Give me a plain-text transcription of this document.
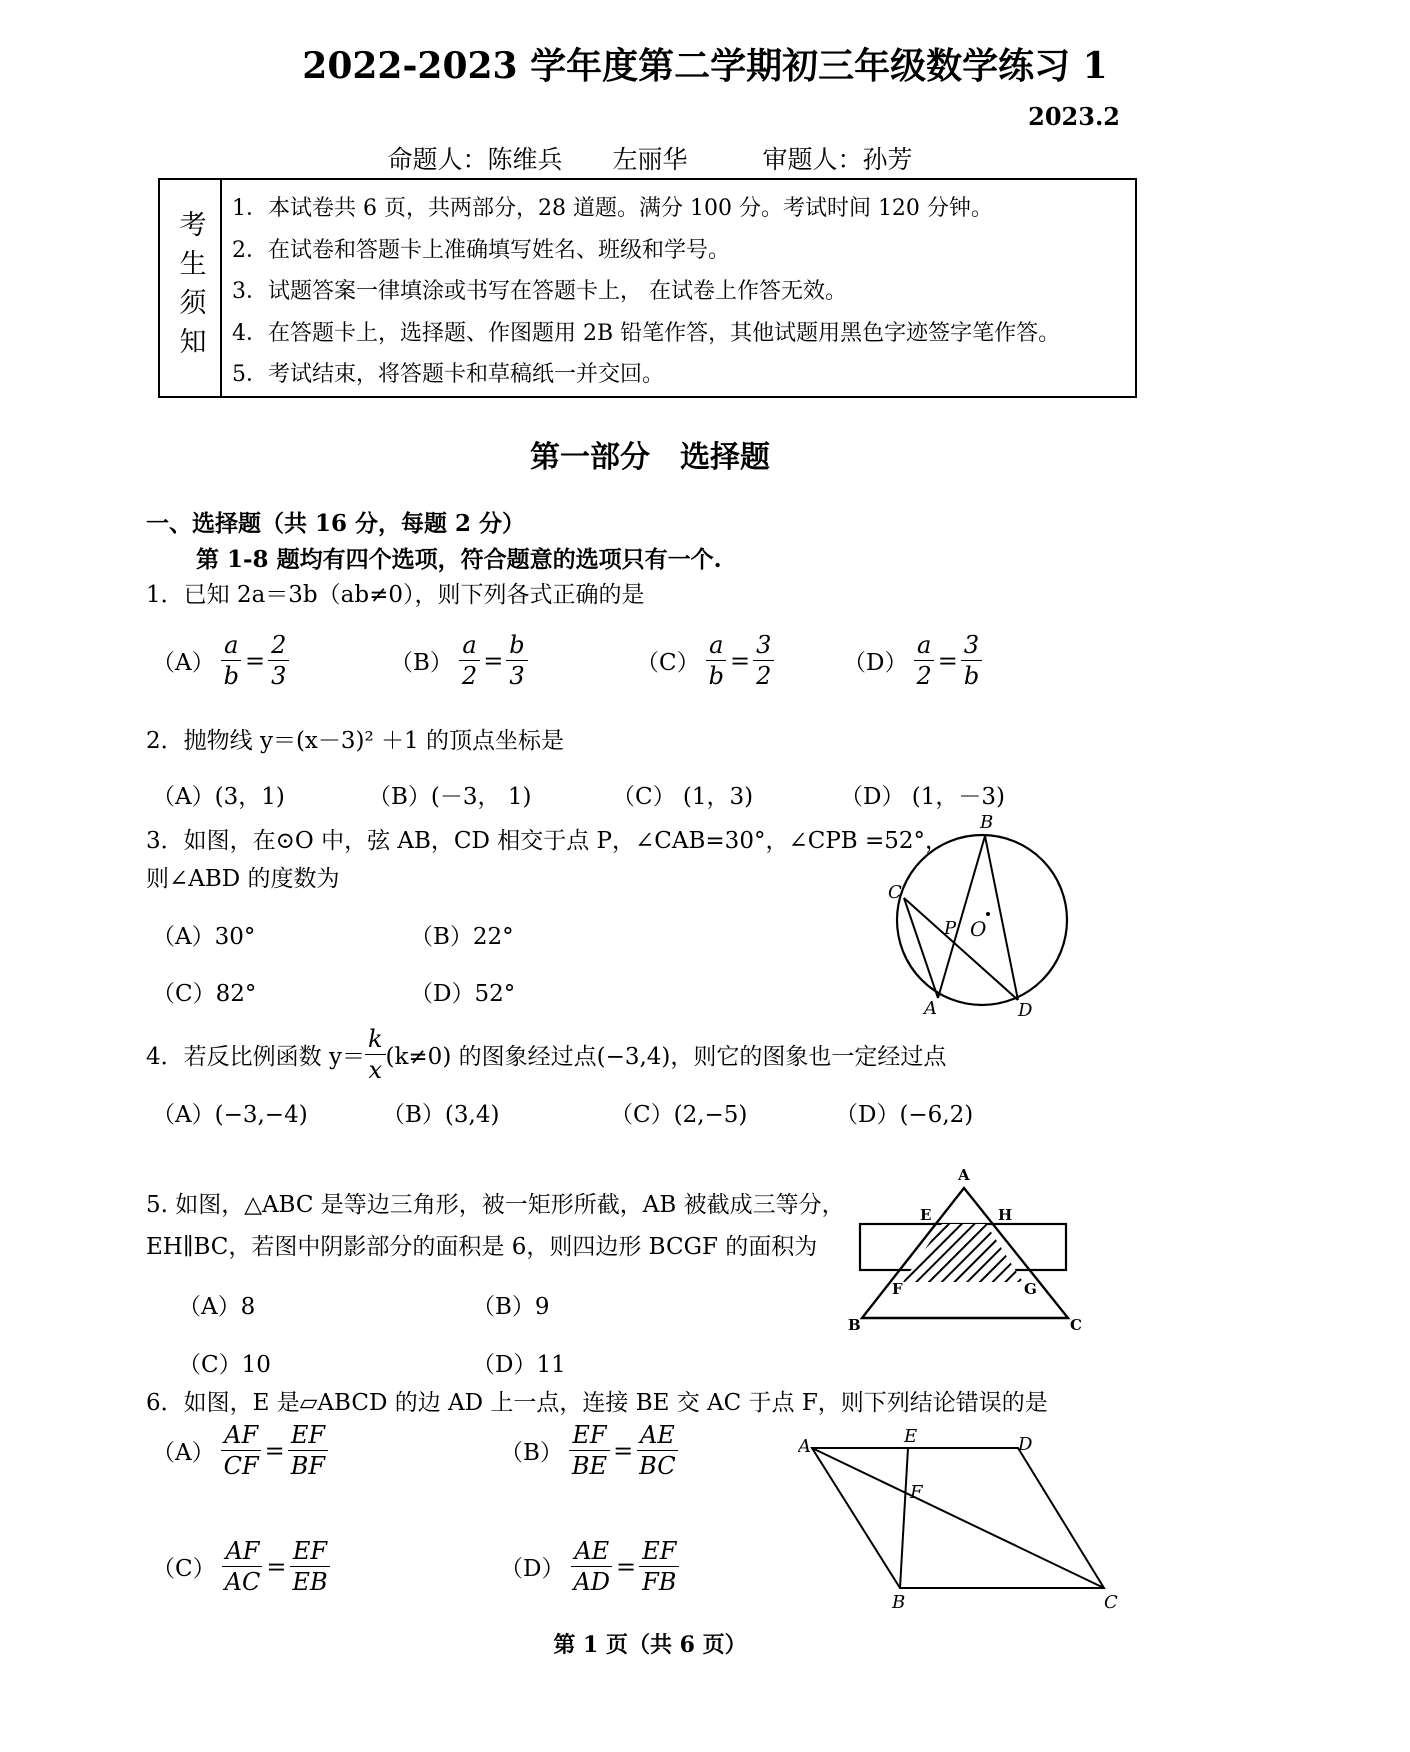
2022-2023 学年度第二学期初三年级数学练习 1
2023.2
命题人：陈维兵　　左丽华　　　审题人：孙芳
考生须知
1．本试卷共 6 页，共两部分，28 道题。满分 100 分。考试时间 120 分钟。
2．在试卷和答题卡上准确填写姓名、班级和学号。
3．试题答案一律填涂或书写在答题卡上， 在试卷上作答无效。
4．在答题卡上，选择题、作图题用 2B 铅笔作答，其他试题用黑色字迹签字笔作答。
5．考试结束，将答题卡和草稿纸一并交回。
第一部分　选择题
一、选择题（共 16 分，每题 2 分）
第 1-8 题均有四个选项，符合题意的选项只有一个.
1．已知 2a＝3b（ab≠0），则下列各式正确的是
$(A) \frac{a}{b} = \frac{2}{3}$	$(B) \frac{a}{2} = \frac{b}{3}$	$(C) \frac{a}{b} = \frac{3}{2}$	$(D) \frac{a}{2} = \frac{3}{b}$
2．抛物线 y＝(x－3)² ＋1 的顶点坐标是
（A）(3，1)	（B）(－3， 1)	（C） (1，3)	（D） (1，－3)
3．如图，在⊙O 中，弦 AB，CD 相交于点 P，∠CAB=30°，∠CPB =52°，
则∠ABD 的度数为
（A）30°	（B）22°
（C）82°	（D）52°
B
C
P O
A	D
4．若反比例函数 $y= \frac{k}{x} (k\ne 0)$ 的图象经过点(−3,4)，则它的图象也一定经过点
（A）(−3,−4)	（B）(3,4)	（C）(2,−5)	（D）(−6,2)
5. 如图，△ABC 是等边三角形，被一矩形所截，AB 被截成三等分，
EH∥BC，若图中阴影部分的面积是 6，则四边形 BCGF 的面积为
（A）8	（B）9
（C）10	（D）11
A
E	H
F	G
B	C
6．如图，E 是▱ABCD 的边 AD 上一点，连接 BE 交 AC 于点 F，则下列结论错误的是
$(A) \frac{AF}{CF} = \frac{EF}{BF}$	$(B) \frac{EF}{BE} = \frac{AE}{BC}$
$(C) \frac{AF}{AC} = \frac{EF}{EB}$	$(D) \frac{AE}{AD} = \frac{EF}{FB}$
A	E	D
F
B	C
第 1 页（共 6 页）
